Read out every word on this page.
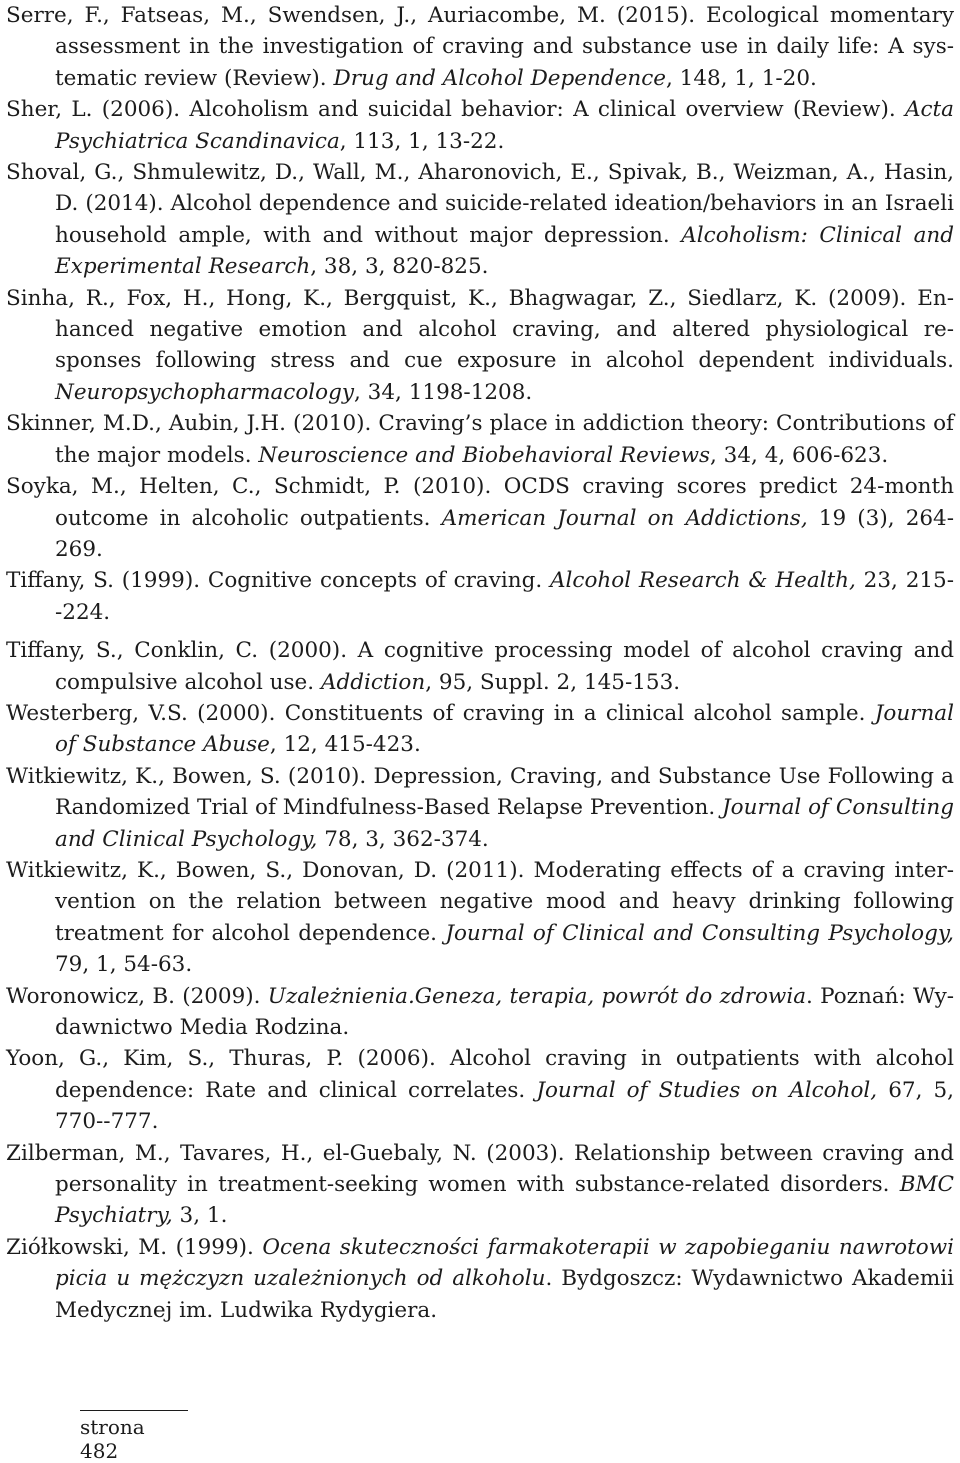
Serre, F., Fatseas, M., Swendsen, J., Auriacombe, M. (2015). Ecological momentary assessment in the investigation of craving and substance use in daily life: A systematic review (Review). Drug and Alcohol Dependence, 148, 1, 1-20.

Sher, L. (2006). Alcoholism and suicidal behavior: A clinical overview (Review). Acta Psychiatrica Scandinavica, 113, 1, 13-22.

Shoval, G., Shmulewitz, D., Wall, M., Aharonovich, E., Spivak, B., Weizman, A., Hasin, D. (2014). Alcohol dependence and suicide-related ideation/behaviors in an Israeli household ample, with and without major depression. Alcoholism: Clinical and Experimental Research, 38, 3, 820-825.

Sinha, R., Fox, H., Hong, K., Bergquist, K., Bhagwagar, Z., Siedlarz, K. (2009). Enhanced negative emotion and alcohol craving, and altered physiological responses following stress and cue exposure in alcohol dependent individuals. Neuropsychopharmacology, 34, 1198-1208.

Skinner, M.D., Aubin, J.H. (2010). Craving’s place in addiction theory: Contributions of the major models. Neuroscience and Biobehavioral Reviews, 34, 4, 606-623.

Soyka, M., Helten, C., Schmidt, P. (2010). OCDS craving scores predict 24-month outcome in alcoholic outpatients. American Journal on Addictions, 19 (3), 264-269.

Tiffany, S. (1999). Cognitive concepts of craving. Alcohol Research & Health, 23, 215--224.

Tiffany, S., Conklin, C. (2000). A cognitive processing model of alcohol craving and compulsive alcohol use. Addiction, 95, Suppl. 2, 145-153.

Westerberg, V.S. (2000). Constituents of craving in a clinical alcohol sample. Journal of Substance Abuse, 12, 415-423.

Witkiewitz, K., Bowen, S. (2010). Depression, Craving, and Substance Use Following a Randomized Trial of Mindfulness-Based Relapse Prevention. Journal of Consulting and Clinical Psychology, 78, 3, 362-374.

Witkiewitz, K., Bowen, S., Donovan, D. (2011). Moderating effects of a craving intervention on the relation between negative mood and heavy drinking following treatment for alcohol dependence. Journal of Clinical and Consulting Psychology, 79, 1, 54-63.

Woronowicz, B. (2009). Uzależnienia.Geneza, terapia, powrót do zdrowia. Poznań: Wydawnictwo Media Rodzina.

Yoon, G., Kim, S., Thuras, P. (2006). Alcohol craving in outpatients with alcohol dependence: Rate and clinical correlates. Journal of Studies on Alcohol, 67, 5, 770--777.

Zilberman, M., Tavares, H., el-Guebaly, N. (2003). Relationship between craving and personality in treatment-seeking women with substance-related disorders. BMC Psychiatry, 3, 1.

Ziółkowski, M. (1999). Ocena skuteczności farmakoterapii w zapobieganiu nawrotowi picia u mężczyzn uzależnionych od alkoholu. Bydgoszcz: Wydawnictwo Akademii Medycznej im. Ludwika Rydygiera.

strona 482
